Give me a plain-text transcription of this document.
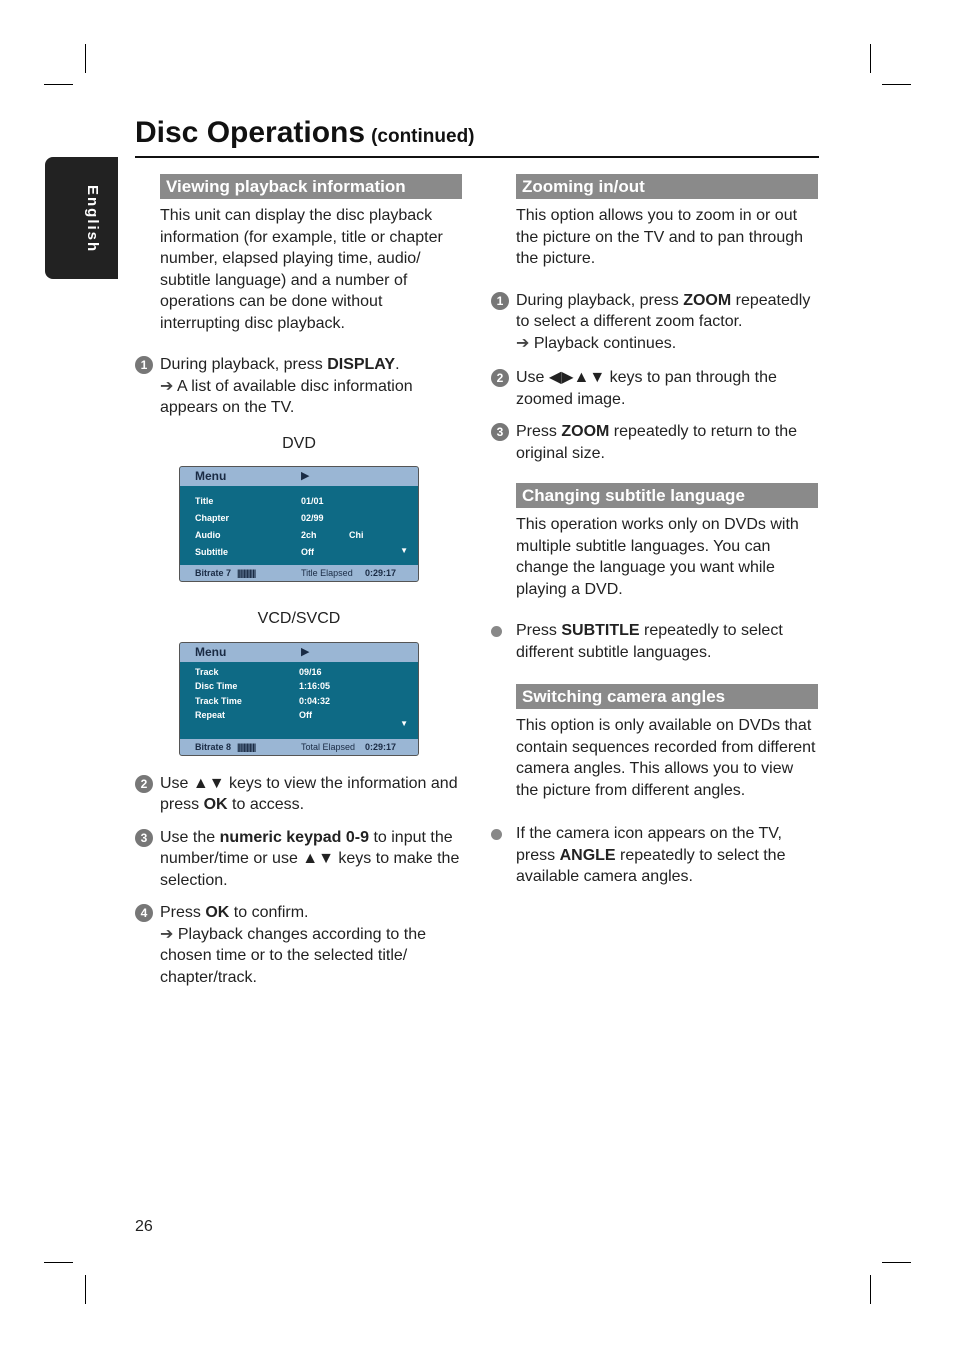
Disc Operations (continued)
English	Viewing playback information
This unit can display the disc playback information (for example, title or chapter number, elapsed playing time, audio/ subtitle language) and a number of operations can be done without interrupting disc playback.
1 During playback, press DISPLAY.
➔ A list of available disc information appears on the TV.
DVD
Menu	▶
Title	01/01
Chapter	02/99
Audio	2ch	Chi
Subtitle	Off	▼
Bitrate 7 ||||||||||||	Title Elapsed 0:29:17
VCD/SVCD
Menu	▶
Track	09/16
Disc Time	1:16:05
Track Time	0:04:32
Repeat	Off
▼
Bitrate 8 ||||||||||||	Total Elapsed 0:29:17
2 Use ▲▼ keys to view the information and press OK to access.
3 Use the numeric keypad 0-9 to input the number/time or use ▲▼ keys to make the selection.
4 Press OK to confirm.
➔ Playback changes according to the chosen time or to the selected title/ chapter/track.
Zooming in/out
This option allows you to zoom in or out the picture on the TV and to pan through the picture.
1 During playback, press ZOOM repeatedly to select a different zoom factor.
➔ Playback continues.
2 Use ◀▶▲▼ keys to pan through the zoomed image.
3 Press ZOOM repeatedly to return to the original size.
Changing subtitle language
This operation works only on DVDs with multiple subtitle languages. You can change the language you want while playing a DVD.
Press SUBTITLE repeatedly to select different subtitle languages.
Switching camera angles
This option is only available on DVDs that contain sequences recorded from different camera angles. This allows you to view the picture from different angles.
If the camera icon appears on the TV, press ANGLE repeatedly to select the available camera angles.
26
